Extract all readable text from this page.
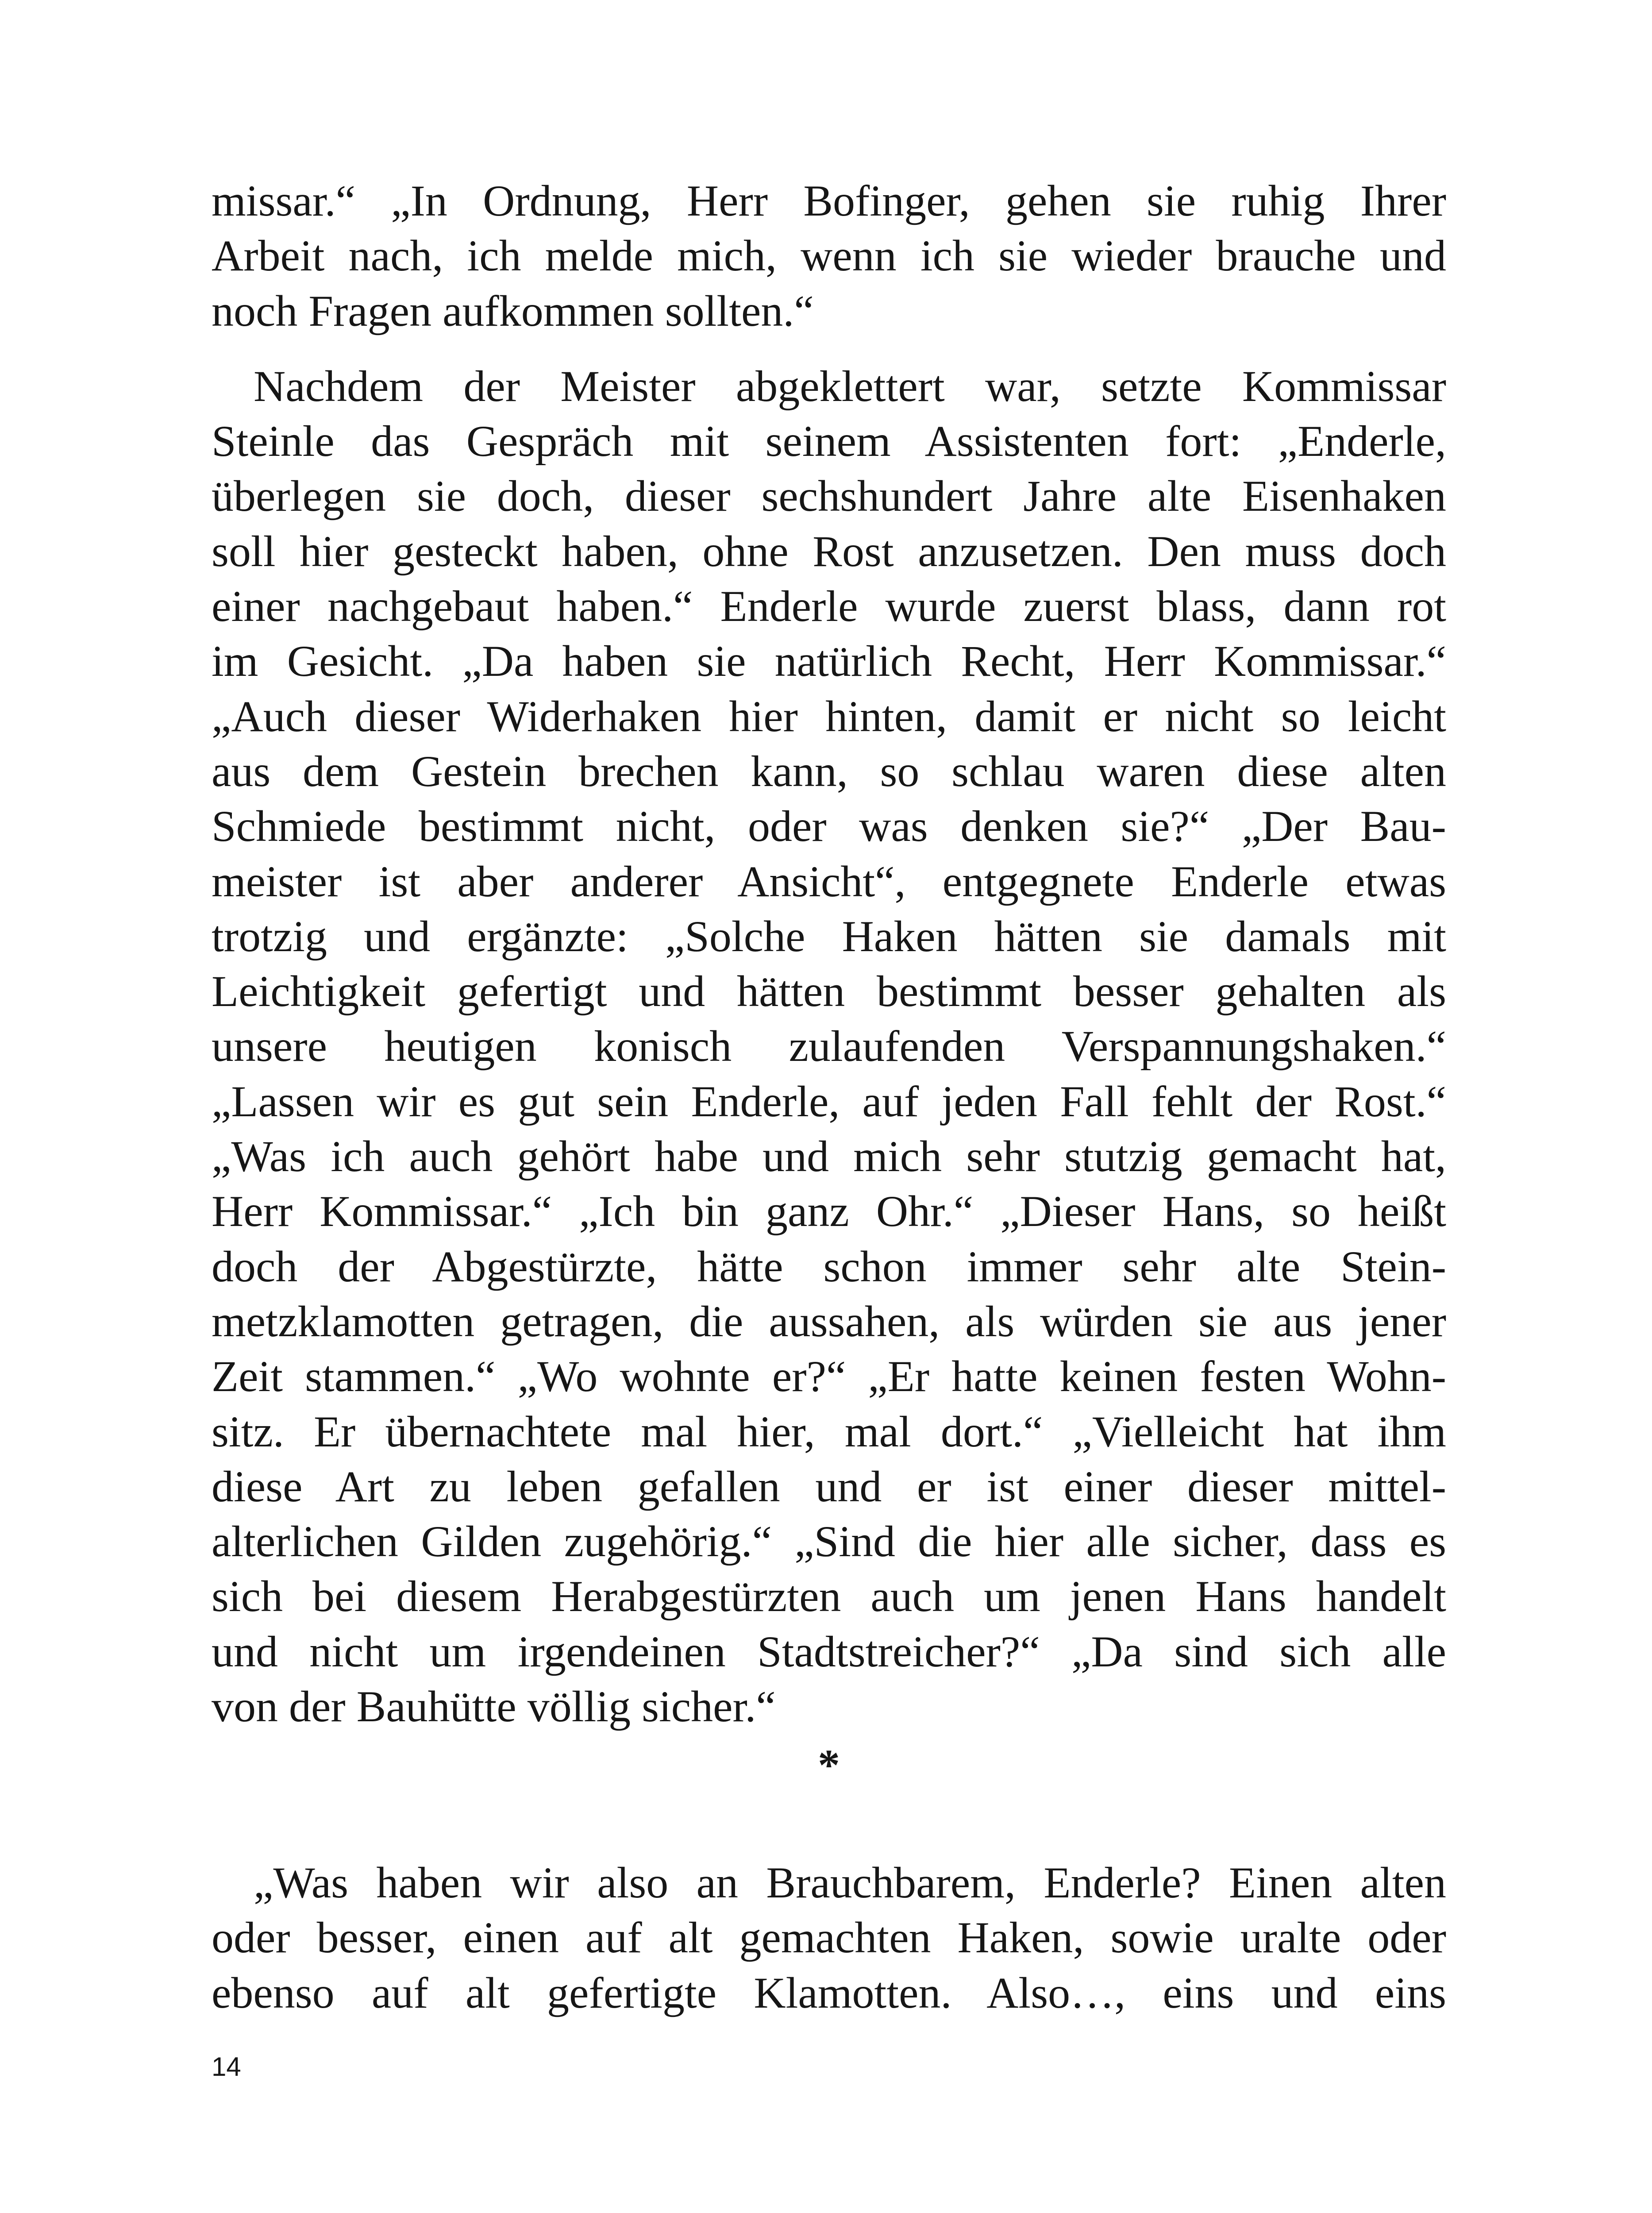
missar.“ „In Ordnung, Herr Bofinger, gehen sie ruhig Ihrer
Arbeit nach, ich melde mich, wenn ich sie wieder brauche und
noch Fragen aufkommen sollten.“
Nachdem der Meister abgeklettert war, setzte Kommissar
Steinle das Gespräch mit seinem Assistenten fort: „Enderle,
überlegen sie doch, dieser sechshundert Jahre alte Eisenhaken
soll hier gesteckt haben, ohne Rost anzusetzen. Den muss doch
einer nachgebaut haben.“ Enderle wurde zuerst blass, dann rot
im Gesicht. „Da haben sie natürlich Recht, Herr Kommissar.“
„Auch dieser Widerhaken hier hinten, damit er nicht so leicht
aus dem Gestein brechen kann, so schlau waren diese alten
Schmiede bestimmt nicht, oder was denken sie?“ „Der Bau-
meister ist aber anderer Ansicht“, entgegnete Enderle etwas
trotzig und ergänzte: „Solche Haken hätten sie damals mit
Leichtigkeit gefertigt und hätten bestimmt besser gehalten als
unsere heutigen konisch zulaufenden Verspannungshaken.“
„Lassen wir es gut sein Enderle, auf jeden Fall fehlt der Rost.“
„Was ich auch gehört habe und mich sehr stutzig gemacht hat,
Herr Kommissar.“ „Ich bin ganz Ohr.“ „Dieser Hans, so heißt
doch der Abgestürzte, hätte schon immer sehr alte Stein-
metzklamotten getragen, die aussahen, als würden sie aus jener
Zeit stammen.“ „Wo wohnte er?“ „Er hatte keinen festen Wohn-
sitz. Er übernachtete mal hier, mal dort.“ „Vielleicht hat ihm
diese Art zu leben gefallen und er ist einer dieser mittel-
alterlichen Gilden zugehörig.“ „Sind die hier alle sicher, dass es
sich bei diesem Herabgestürzten auch um jenen Hans handelt
und nicht um irgendeinen Stadtstreicher?“ „Da sind sich alle
von der Bauhütte völlig sicher.“
*
„Was haben wir also an Brauchbarem, Enderle? Einen alten
oder besser, einen auf alt gemachten Haken, sowie uralte oder
ebenso auf alt gefertigte Klamotten. Also…, eins und eins
14
